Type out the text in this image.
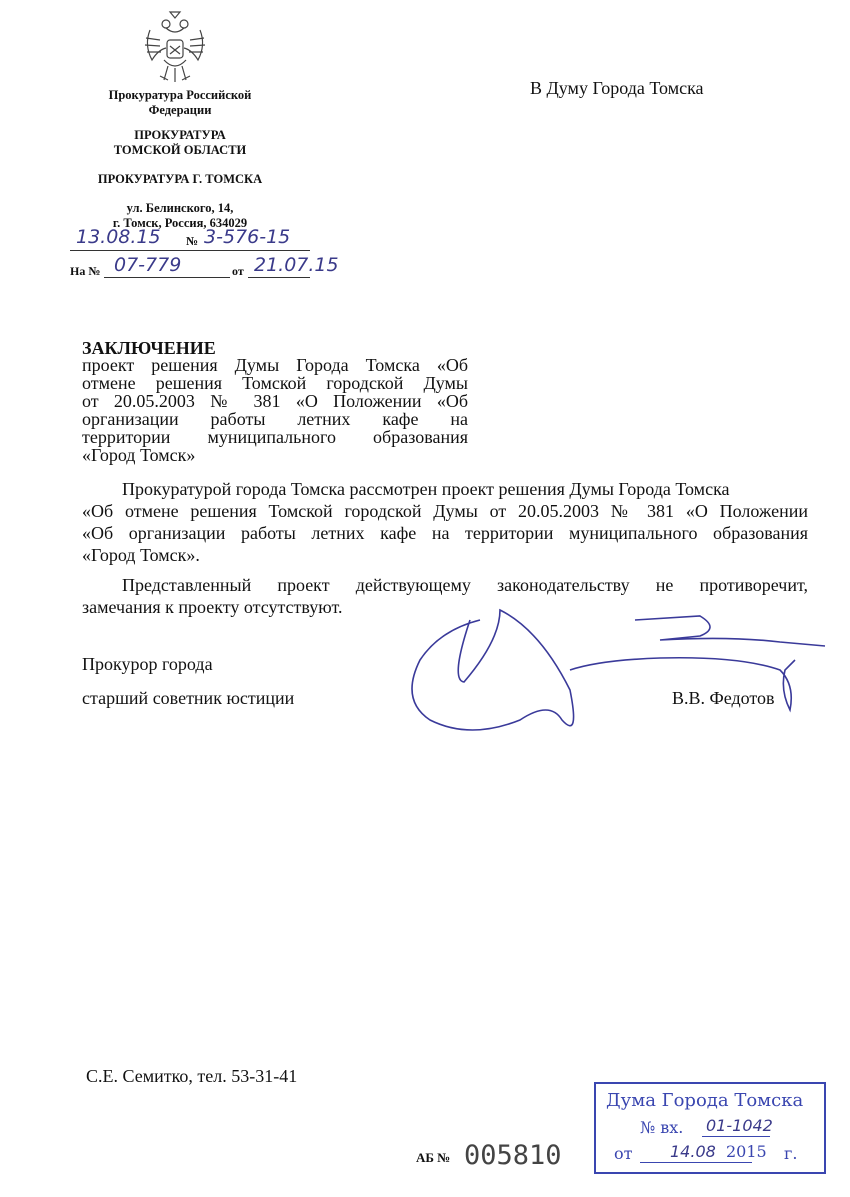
Прокуратура Российской
Федерации
ПРОКУРАТУРА
ТОМСКОЙ ОБЛАСТИ
ПРОКУРАТУРА Г. ТОМСКА
ул. Белинского, 14,
г. Томск, Россия, 634029
13.08.15 № 3-576-15
На № 07-779	от 21.07.15
В Думу Города Томска
ЗАКЛЮЧЕНИЕ
проект решения Думы Города Томска «Об
отмене решения Томской городской Думы
от 20.05.2003 № 381 «О Положении «Об
организации работы летних кафе на
территории муниципального образования
«Город Томск»
Прокуратурой города Томска рассмотрен проект решения Думы Города Томска
«Об отмене решения Томской городской Думы от 20.05.2003 № 381 «О Положении
«Об организации работы летних кафе на территории муниципального образования
«Город Томск».
Представленный проект действующему законодательству не противоречит,
замечания к проекту отсутствуют.
Прокурор города
старший советник юстиции	В.В. Федотов
С.Е. Семитко, тел. 53-31-41
АБ № 005810
Дума Города Томска
№ вх. 01-1042
от 14.08 2015 г.
